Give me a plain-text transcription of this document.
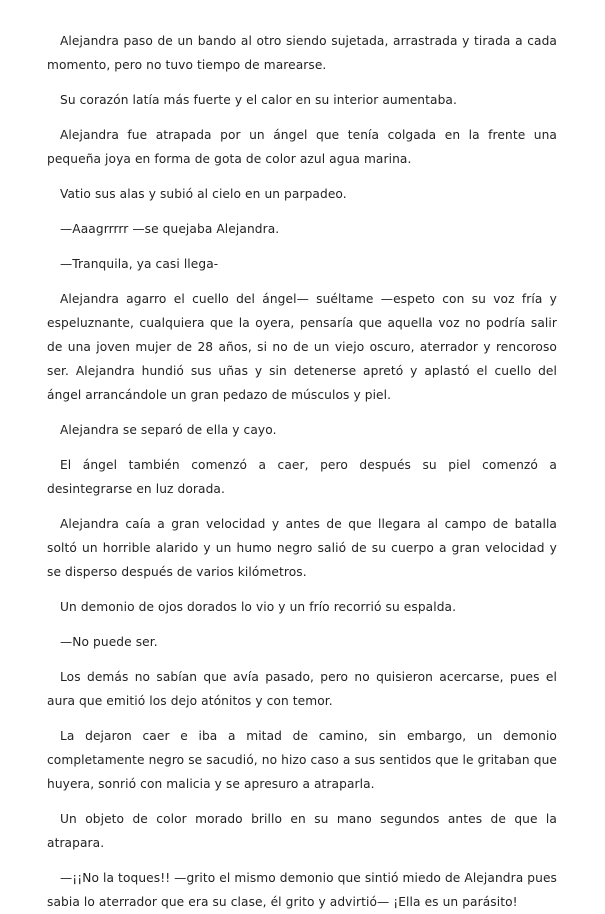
Alejandra paso de un bando al otro siendo sujetada, arrastrada y tirada a cada momento, pero no tuvo tiempo de marearse.

Su corazón latía más fuerte y el calor en su interior aumentaba.

Alejandra fue atrapada por un ángel que tenía colgada en la frente una pequeña joya en forma de gota de color azul agua marina.

Vatio sus alas y subió al cielo en un parpadeo.

—Aaagrrrrr —se quejaba Alejandra.

—Tranquila, ya casi llega-

Alejandra agarro el cuello del ángel— suéltame —espeto con su voz fría y espeluznante, cualquiera que la oyera, pensaría que aquella voz no podría salir de una joven mujer de 28 años, si no de un viejo oscuro, aterrador y rencoroso ser. Alejandra hundió sus uñas y sin detenerse apretó y aplastó el cuello del ángel arrancándole un gran pedazo de músculos y piel.

Alejandra se separó de ella y cayo.

El ángel también comenzó a caer, pero después su piel comenzó a desintegrarse en luz dorada.

Alejandra caía a gran velocidad y antes de que llegara al campo de batalla soltó un horrible alarido y un humo negro salió de su cuerpo a gran velocidad y se disperso después de varios kilómetros.

Un demonio de ojos dorados lo vio y un frío recorrió su espalda.

—No puede ser.

Los demás no sabían que avía pasado, pero no quisieron acercarse, pues el aura que emitió los dejo atónitos y con temor.

La dejaron caer e iba a mitad de camino, sin embargo, un demonio completamente negro se sacudió, no hizo caso a sus sentidos que le gritaban que huyera, sonrió con malicia y se apresuro a atraparla.

Un objeto de color morado brillo en su mano segundos antes de que la atrapara.

—¡¡No la toques!! —grito el mismo demonio que sintió miedo de Alejandra pues sabia lo aterrador que era su clase, él grito y advirtió— ¡Ella es un parásito!
